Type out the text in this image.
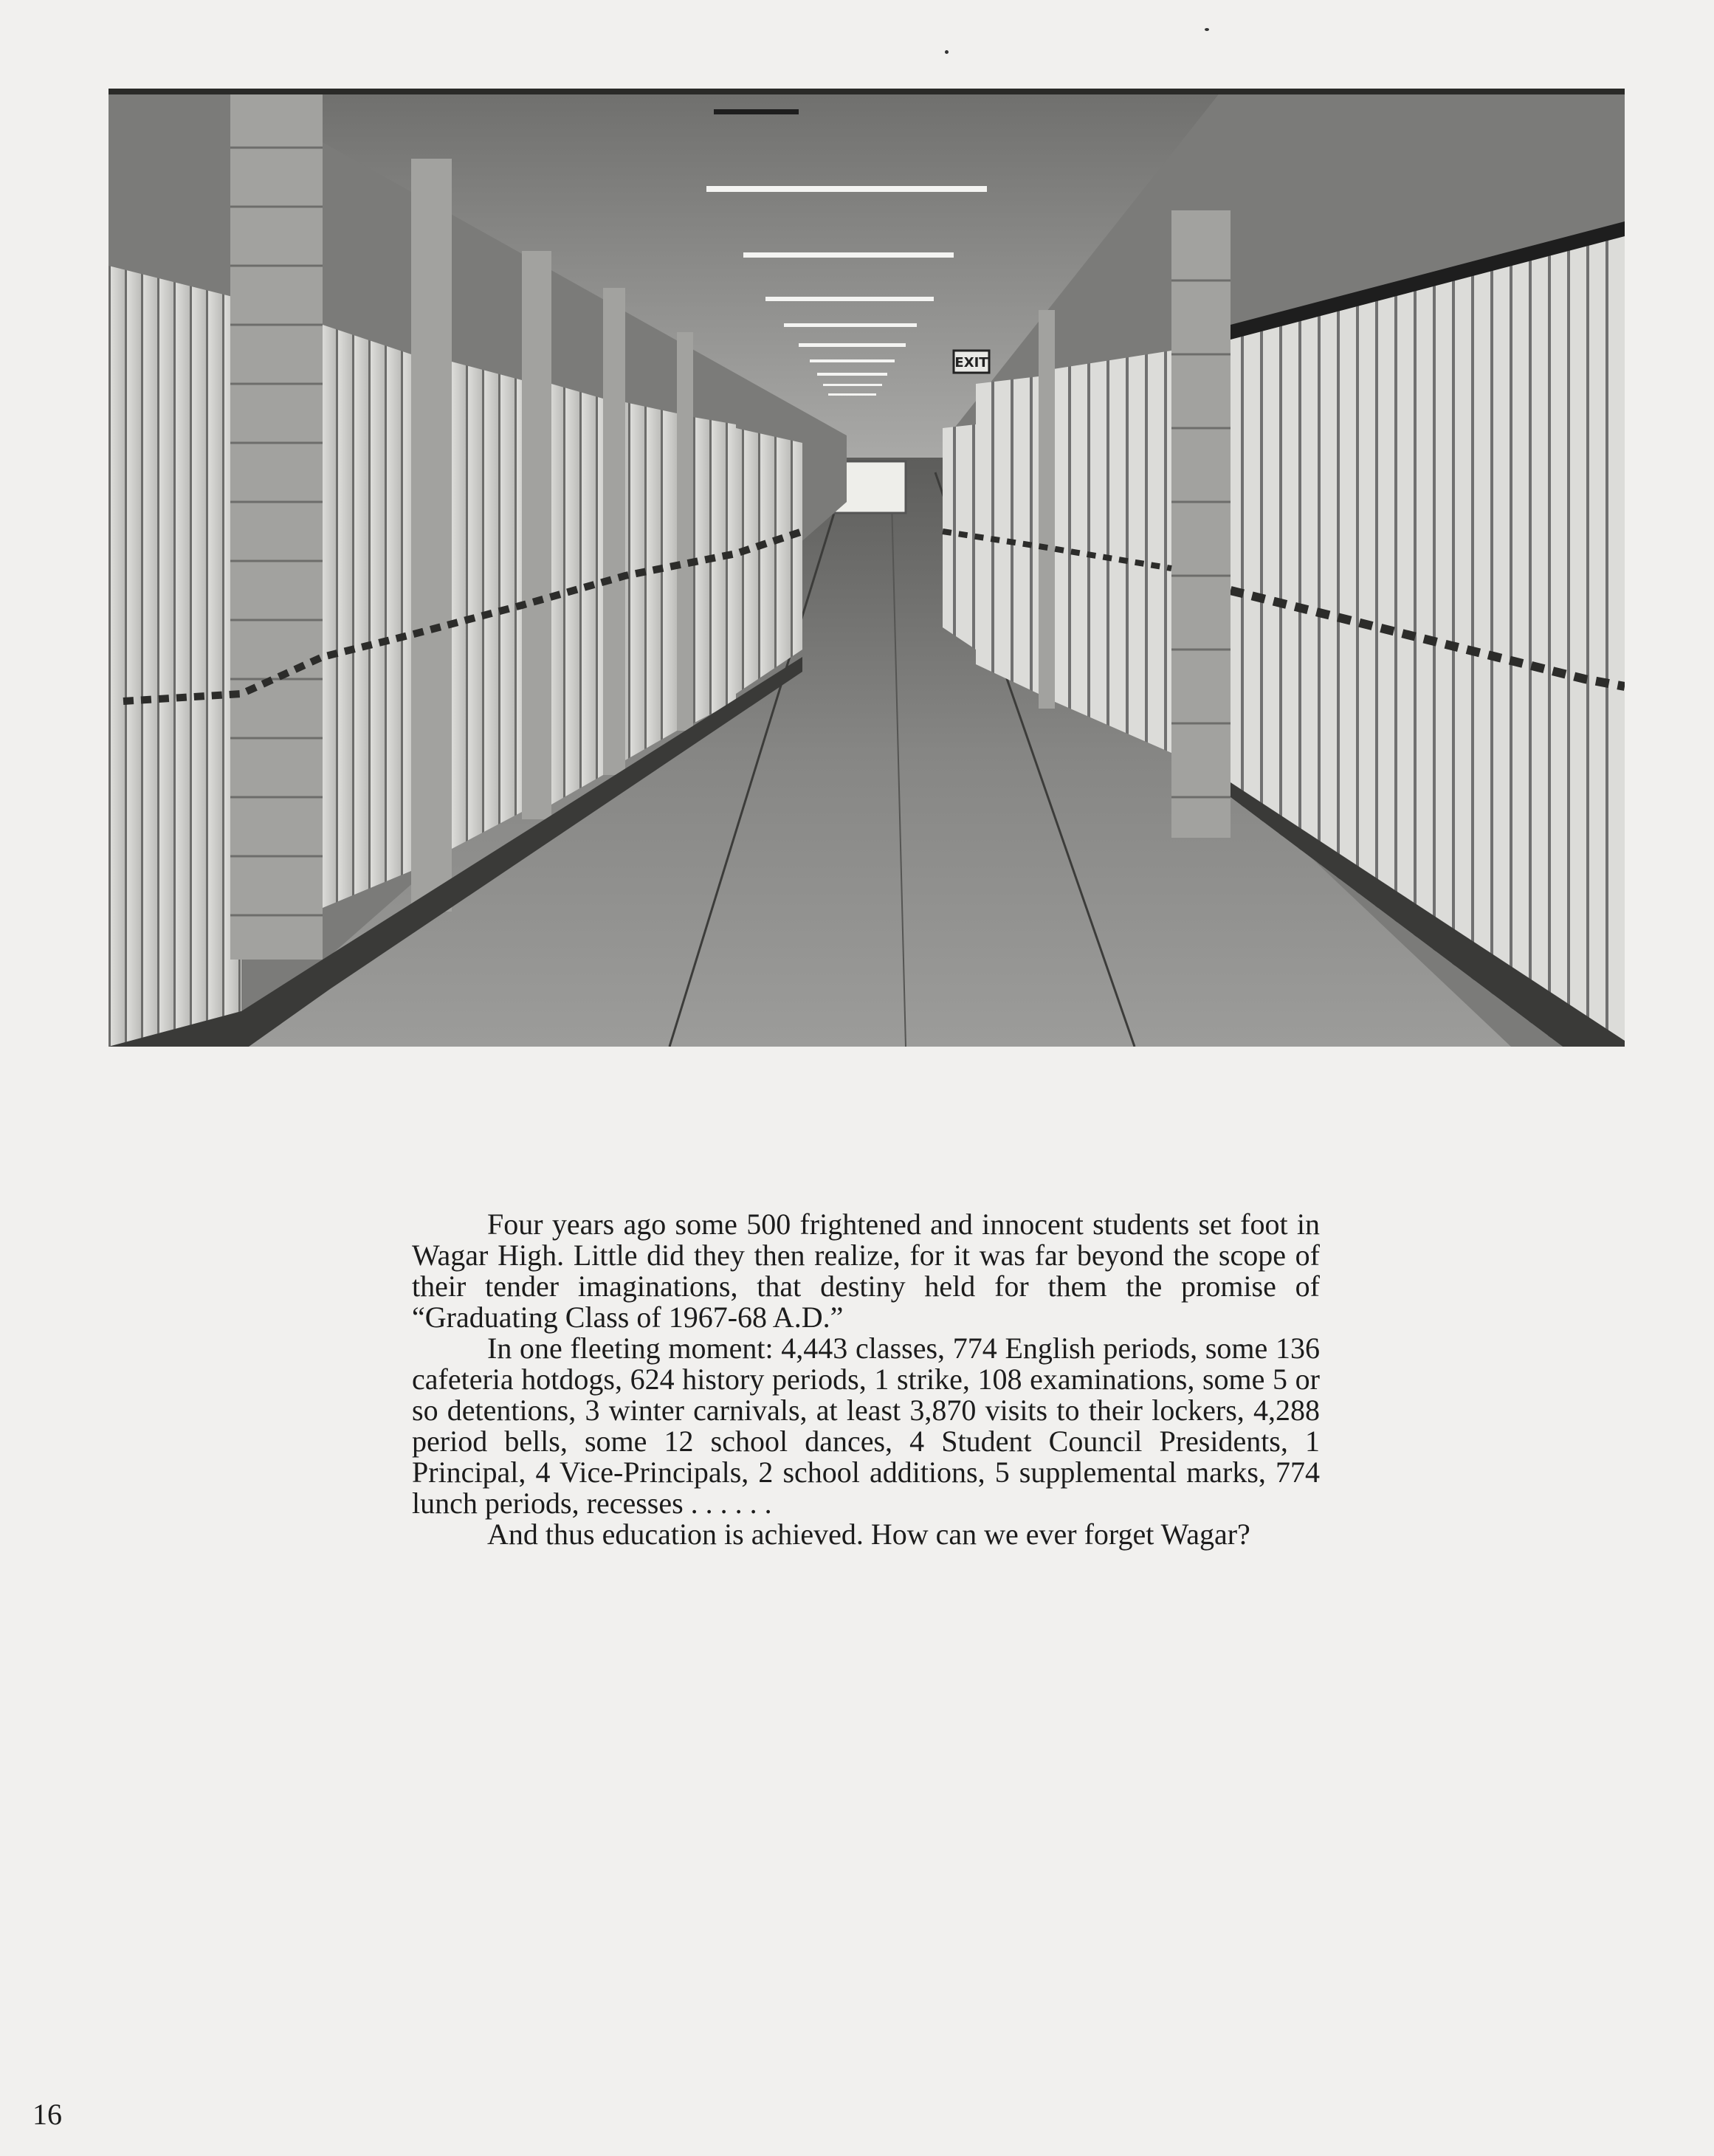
EXIT

Four years ago some 500 frightened and innocent students set foot in Wagar High. Little did they then realize, for it was far beyond the scope of their tender imaginations, that destiny held for them the promise of “Graduating Class of 1967-68 A.D.”

In one fleeting moment: 4,443 classes, 774 English periods, some 136 cafeteria hotdogs, 624 history periods, 1 strike, 108 examinations, some 5 or so detentions, 3 winter carnivals, at least 3,870 visits to their lockers, 4,288 period bells, some 12 school dances, 4 Student Council Presidents, 1 Principal, 4 Vice-Principals, 2 school additions, 5 supplemental marks, 774 lunch periods, recesses . . . . . .

And thus education is achieved. How can we ever forget Wagar?

16
